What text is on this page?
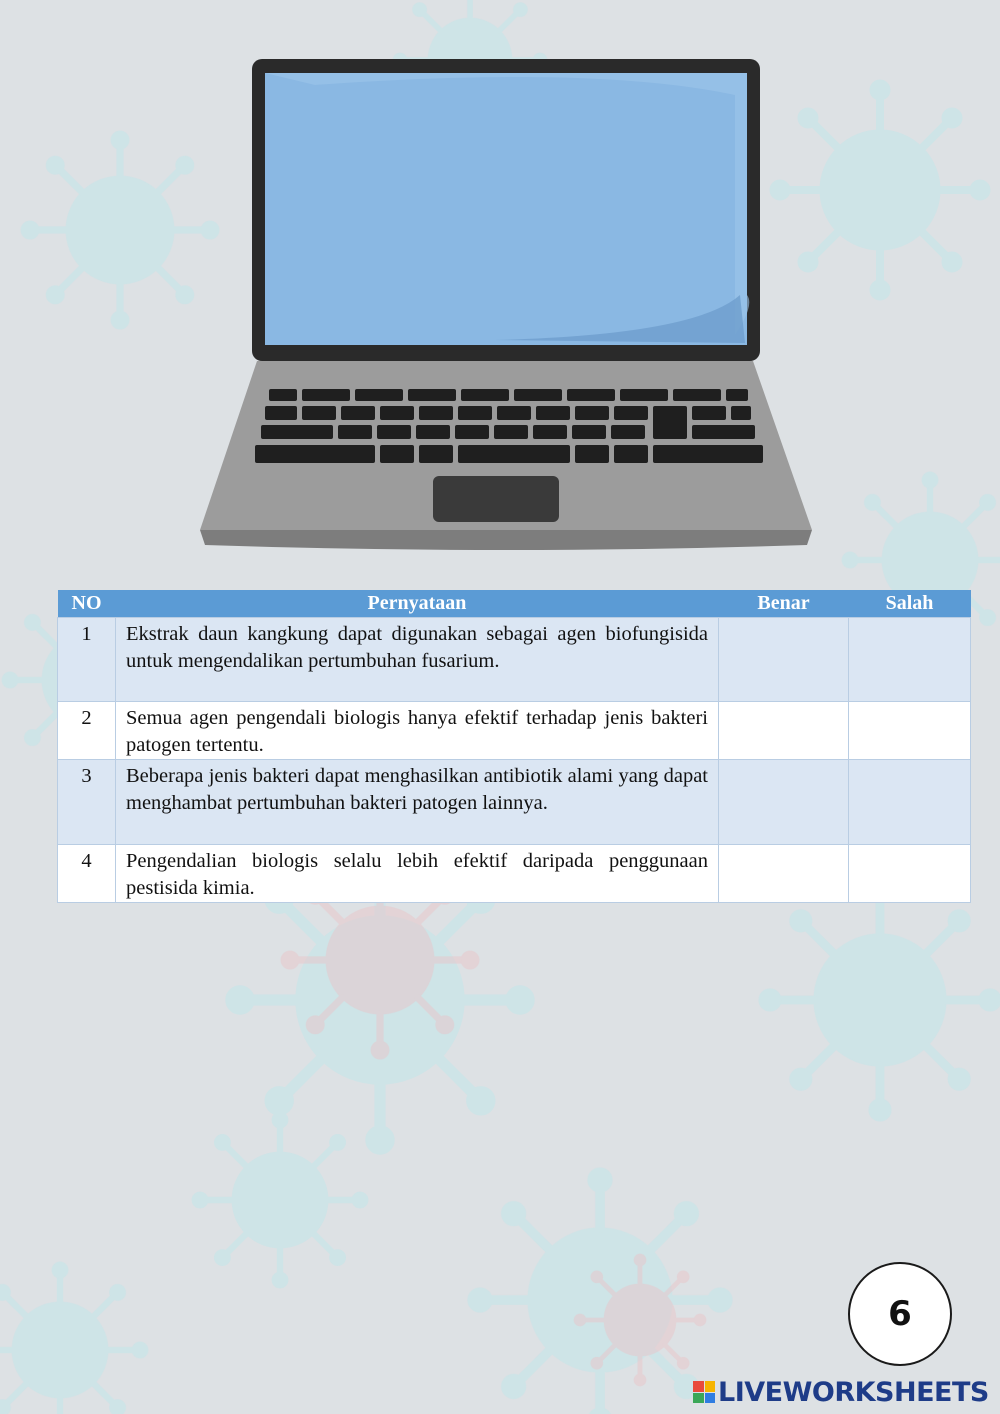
NO	Pernyataan	Benar	Salah
1	Ekstrak daun kangkung dapat digunakan sebagai agen biofungisida untuk mengendalikan pertumbuhan fusarium.		
2	Semua agen pengendali biologis hanya efektif terhadap jenis bakteri patogen tertentu.		
3	Beberapa jenis bakteri dapat menghasilkan antibiotik alami yang dapat menghambat pertumbuhan bakteri patogen lainnya.		
4	Pengendalian biologis selalu lebih efektif daripada penggunaan pestisida kimia.		
6
LIVEWORKSHEETS
